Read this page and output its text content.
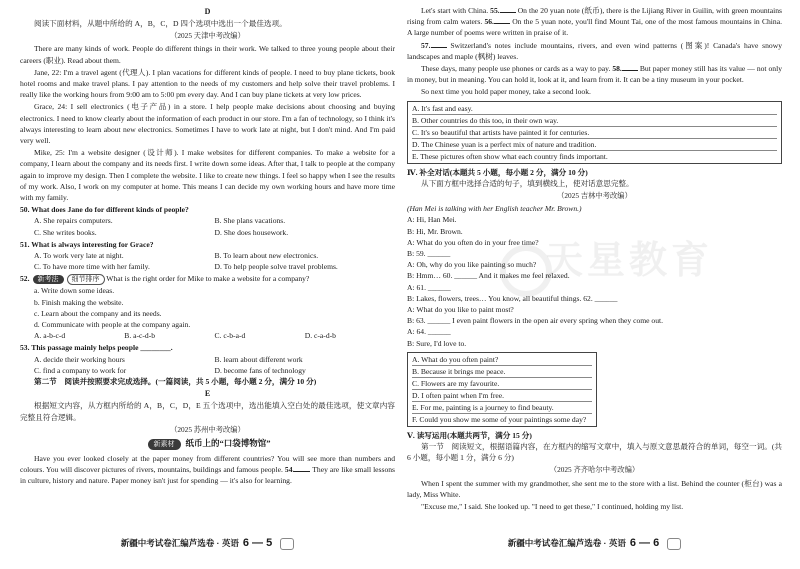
D
阅读下面材料，从题中所给的 A，B，C，D 四个选项中选出一个最佳选项。
（2025 天津中考改编）
There are many kinds of work. People do different things in their work. We talked to three young people about their careers (职业). Read about them.
Jane, 22: I'm a travel agent (代理人). I plan vacations for different kinds of people. I need to buy plane tickets, book hotel rooms and make travel plans. I pay attention to the needs of my customers and help solve their travel problems. I really like the working hours from 9:00 am to 5:00 pm every day. And I can buy plane tickets at very low prices.
Grace, 24: I sell electronics (电子产品) in a store. I help people make decisions about choosing and buying electronics. I need to know clearly about the information of each product in our store. I'm a fan of technology, so I think it's always interesting to learn about new electronics. Sometimes I have to work late at night, but I don't mind. And I'm paid very well.
Mike, 25: I'm a website designer (设计师). I make websites for different companies. To make a website for a company, I learn about the company and its needs first. I write down some ideas. After that, I talk to people at the company again to improve my design. Then I complete the website. I like to create new things. I feel so happy when I see the results of my work. Also, I work on my computer at home. This means I can decide my own working hours and have more time with my family.
50. What does Jane do for different kinds of people?
A. She repairs computers.	B. She plans vacations.
C. She writes books.	D. She does housework.
51. What is always interesting for Grace?
A. To work very late at night.	B. To learn about new electronics.
C. To have more time with her family.	D. To help people solve travel problems.
52. 新考法 细节排序 What is the right order for Mike to make a website for a company?
a. Write down some ideas.
b. Finish making the website.
c. Learn about the company and its needs.
d. Communicate with people at the company again.
A. a-b-c-d	B. a-c-d-b	C. c-b-a-d	D. c-a-d-b
53. This passage mainly helps people ________.
A. decide their working hours	B. learn about different work
C. find a company to work for	D. become fans of technology
第二节　阅读并按照要求完成选择。(一篇阅读，共 5 小题，每小题 2 分，满分 10 分)
E
根据短文内容，从方框内所给的 A，B，C，D，E 五个选项中，选出能填入空白处的最佳选项，使文章内容完整且符合逻辑。
（2025 苏州中考改编）
新素材 纸币上的“口袋博物馆”
Have you ever looked closely at the paper money from different countries? You will see more than numbers and colours. You will discover pictures of rivers, mountains, buildings and famous people. 54. They are like small lessons in culture, history and nature. Paper money isn't just for spending — it's also for learning.
Let's start with China. 55. On the 20 yuan note (纸币), there is the Lijiang River in Guilin, with green mountains rising from calm waters. 56. On the 5 yuan note, you'll find Mount Tai, one of the most famous mountains in China. A large number of poems were written in praise of it.
57.	Switzerland's notes include mountains, rivers, and even wind patterns (图案)! Canada's have snowy landscapes and maple (枫树) leaves.
These days, many people use phones or cards as a way to pay. 58. But paper money still has its value — not only in money, but in meaning. You can hold it, look at it, and learn from it. It can be a tiny museum in your pocket.
So next time you hold paper money, take a second look.
A. It's fast and easy.
B. Other countries do this too, in their own way.
C. It's so beautiful that artists have painted it for centuries.
D. The Chinese yuan is a perfect mix of nature and tradition.
E. These pictures often show what each country finds important.
Ⅳ. 补全对话(本题共 5 小题，每小题 2 分，满分 10 分)
从下面方框中选择合适的句子，填到横线上，使对话意思完整。
（2025 吉林中考改编）
(Han Mei is talking with her English teacher Mr. Brown.)
A: Hi, Han Mei.
B: Hi, Mr. Brown.
A: What do you often do in your free time?
B: 59. ______
A: Oh, why do you like painting so much?
B: Hmm… 60. ______ And it makes me feel relaxed.
A: 61. ______
B: Lakes, flowers, trees… You know, all beautiful things. 62. ______
A: What do you like to paint most?
B: 63. ______ I even paint flowers in the open air every spring when they come out.
A: 64. ______
B: Sure, I'd love to.
A. What do you often paint?
B. Because it brings me peace.
C. Flowers are my favourite.
D. I often paint when I'm free.
E. For me, painting is a journey to find beauty.
F. Could you show me some of your paintings some day?
Ⅴ. 读写运用(本题共两节，满分 15 分)
第一节　阅读短文，根据语篇内容，在方框内的缩写文章中，填入与原文意思最符合的单词，每空一词。(共 6 小题，每小题 1 分，满分 6 分)
（2025 齐齐哈尔中考改编）
When I spent the summer with my grandmother, she sent me to the store with a list. Behind the counter (柜台) was a lady, Miss White.
"Excuse me," I said. She looked up. "I need to get these," I continued, holding my list.
天星教育
新疆中考试卷汇编芦选卷 · 英语 6 — 5	新疆中考试卷汇编芦选卷 · 英语 6 — 6
